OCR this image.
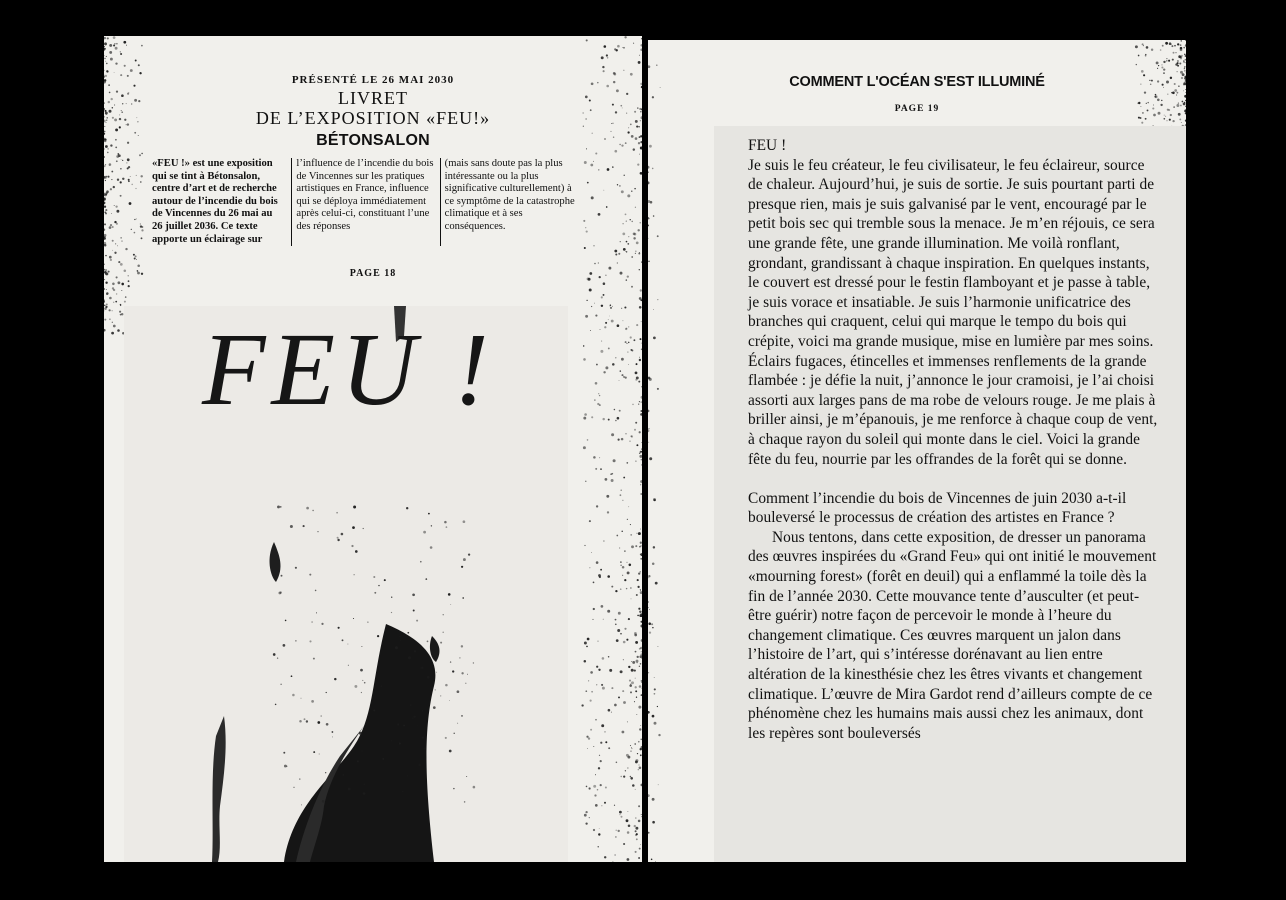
PRÉSENTÉ LE 26 MAI 2030
LIVRET
DE L’EXPOSITION «FEU!»
BÉTONSALON
«FEU !» est une exposition qui se tint à Bétonsalon, centre d’art et de recherche autour de l’incendie du bois de Vincennes du 26 mai au 26 juillet 2036. Ce texte apporte un éclairage sur
l’influence de l’incendie du bois de Vincennes sur les pratiques artistiques en France, influence qui se déploya immédiatement après celui-ci, constituant l’une des réponses
(mais sans doute pas la plus intéressante ou la plus significative culturellement) à ce symptôme de la catastrophe climatique et à ses conséquences.
PAGE 18
FEU !
COMMENT L'OCÉAN S'EST ILLUMINÉ
PAGE 19

FEU !

Je suis le feu créateur, le feu civilisateur, le feu éclaireur, source de chaleur. Aujourd’hui, je suis de sortie. Je suis pourtant parti de presque rien, mais je suis galvanisé par le vent, encouragé par le petit bois sec qui tremble sous la menace. Je m’en réjouis, ce sera une grande fête, une grande illumination. Me voilà ronflant, grondant, grandissant à chaque inspiration. En quelques instants, le couvert est dressé pour le festin flamboyant et je passe à table, je suis vorace et insatiable. Je suis l’harmonie unificatrice des branches qui craquent, celui qui marque le tempo du bois qui crépite, voici ma grande musique, mise en lumière par mes soins. Éclairs fugaces, étincelles et immenses renflements de la grande flambée : je défie la nuit, j’annonce le jour cramoisi, je l’ai choisi assorti aux larges pans de ma robe de velours rouge. Je me plais à briller ainsi, je m’épanouis, je me renforce à chaque coup de vent, à chaque rayon du soleil qui monte dans le ciel. Voici la grande fête du feu, nourrie par les offrandes de la forêt qui se donne.

Comment l’incendie du bois de Vincennes de juin 2030 a-t-il bouleversé le processus de création des artistes en France ?

Nous tentons, dans cette exposition, de dresser un panorama des œuvres inspirées du «Grand Feu» qui ont initié le mouvement «mourning forest» (forêt en deuil) qui a enflammé la toile dès la fin de l’année 2030. Cette mouvance tente d’ausculter (et peut-être guérir) notre façon de percevoir le monde à l’heure du changement climatique. Ces œuvres marquent un jalon dans l’histoire de l’art, qui s’intéresse dorénavant au lien entre altération de la kinesthésie chez les êtres vivants et changement climatique. L’œuvre de Mira Gardot rend d’ailleurs compte de ce phénomène chez les humains mais aussi chez les animaux, dont les repères sont bouleversés
